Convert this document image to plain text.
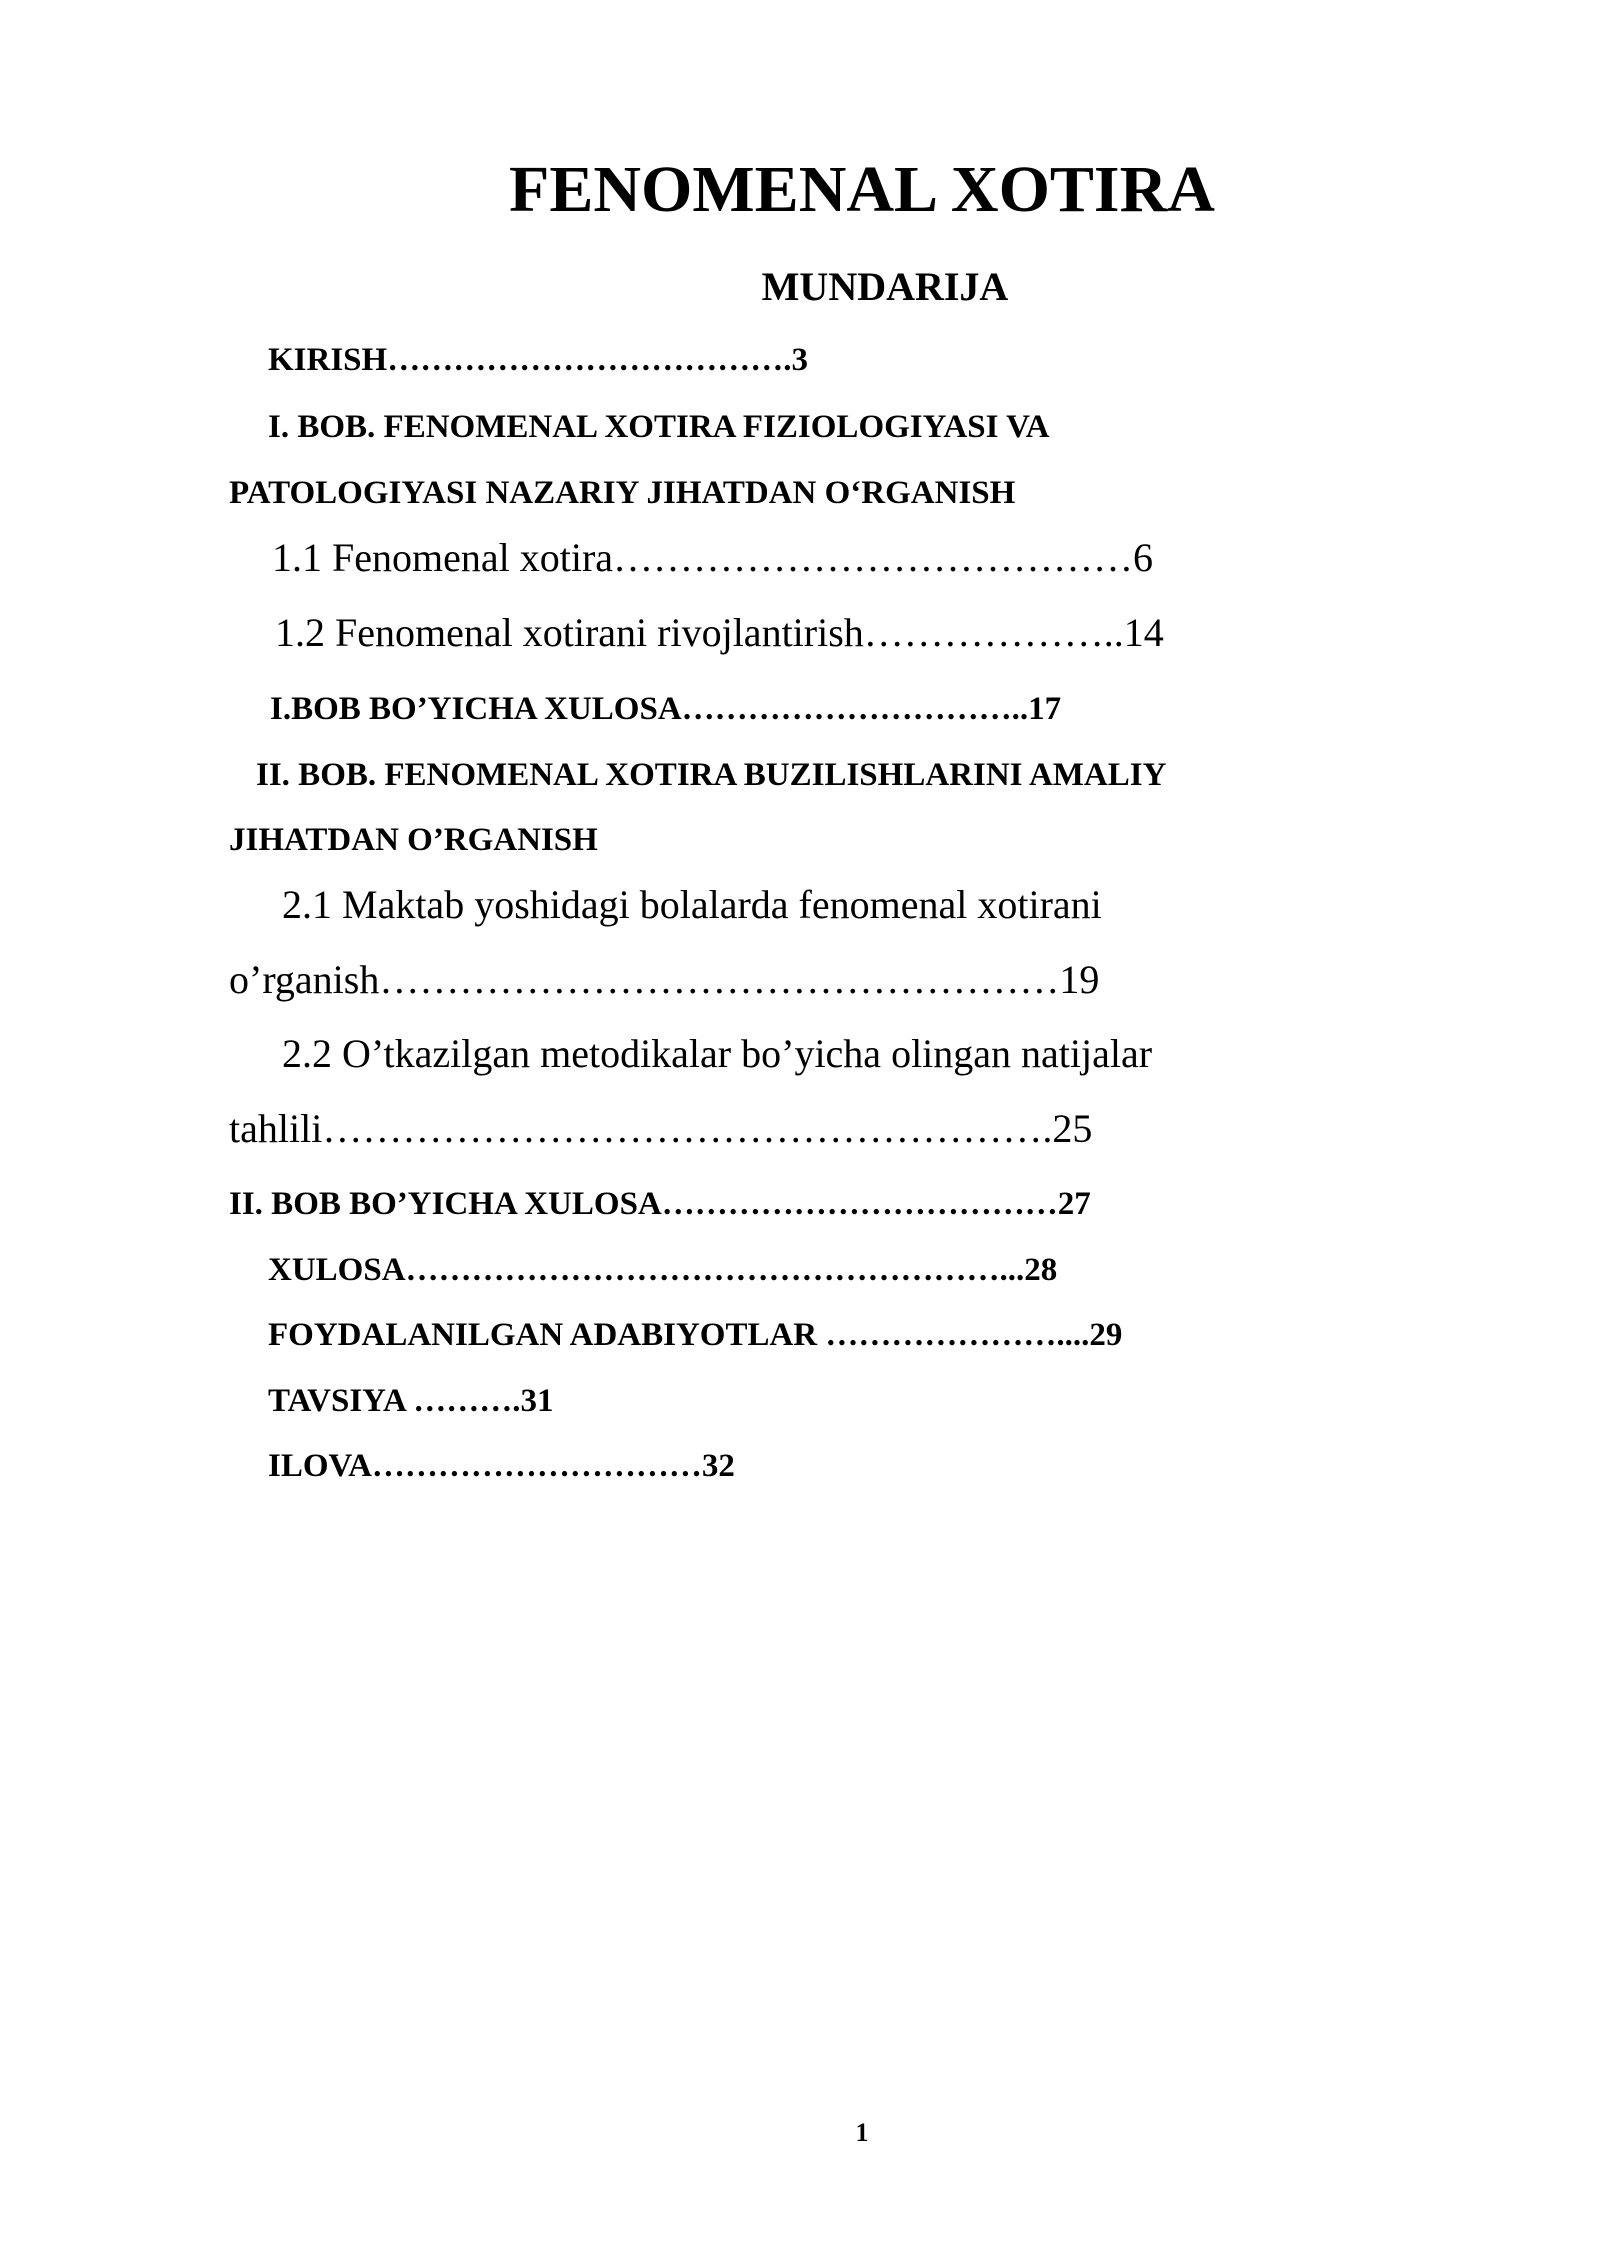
FENOMENAL XOTIRA
MUNDARIJA
KIRISH……………………………….3
I. BOB. FENOMENAL XOTIRA FIZIOLOGIYASI VA
PATOLOGIYASI NAZARIY JIHATDAN O‘RGANISH
1.1 Fenomenal xotira…………………………………6
1.2 Fenomenal xotirani rivojlantirish………………..14
I.BOB BO’YICHA XULOSA…………………………..17
II. BOB. FENOMENAL XOTIRA BUZILISHLARINI AMALIY
JIHATDAN O’RGANISH
2.1 Maktab yoshidagi bolalarda fenomenal xotirani
o’rganish……………………………………………19
2.2 O’tkazilgan metodikalar bo’yicha olingan natijalar
tahlili……………………………………………….25
II. BOB BO’YICHA XULOSA………………………………27
XULOSA………………………………………………...28
FOYDALANILGAN ADABIYOTLAR …………………....29
TAVSIYA ……….31
ILOVA…………………………32
1
